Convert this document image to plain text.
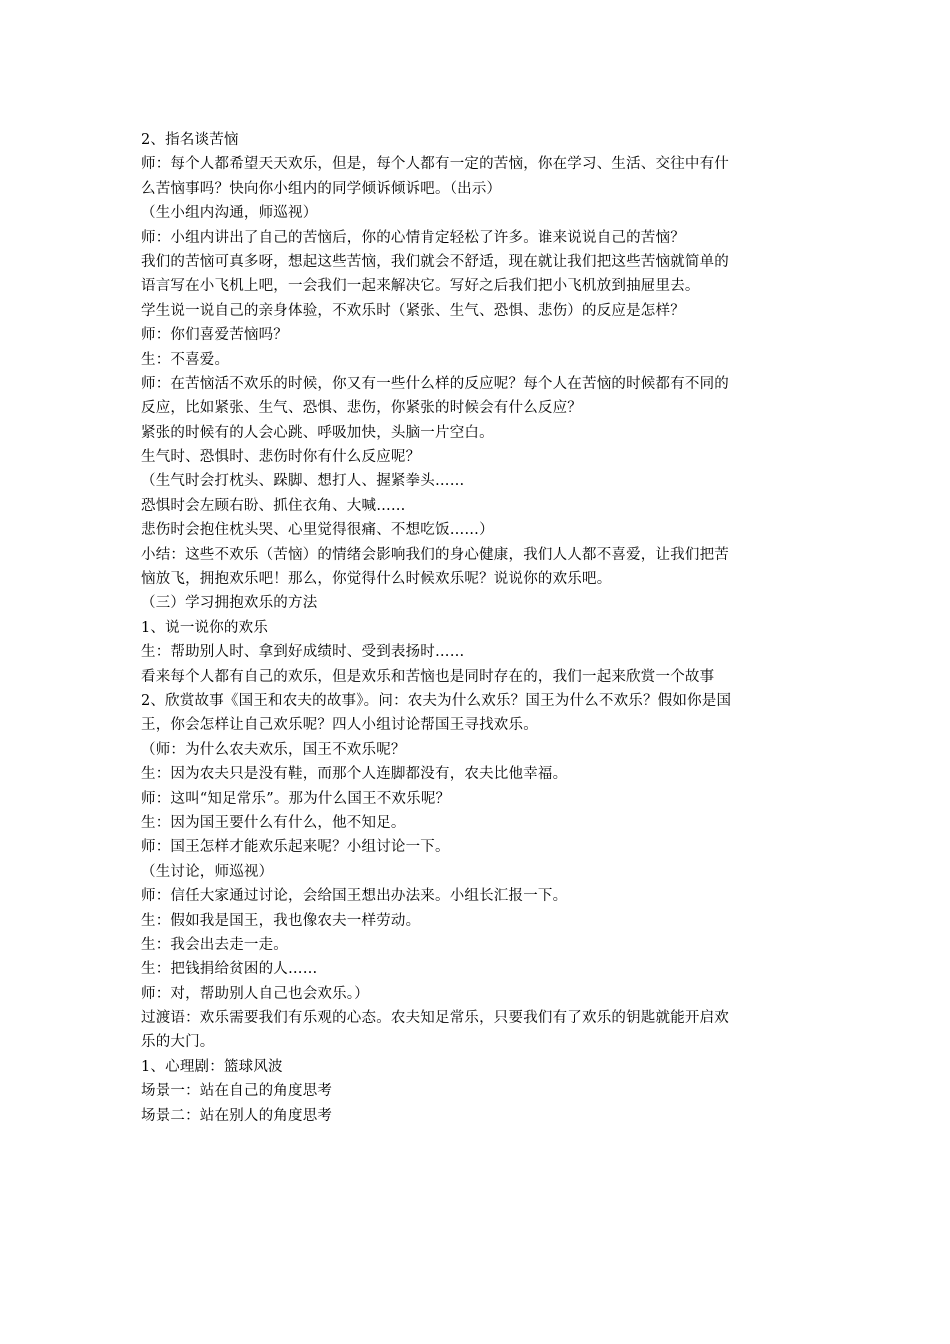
2、指名谈苦恼
师：每个人都希望天天欢乐，但是，每个人都有一定的苦恼，你在学习、生活、交往中有什
么苦恼事吗？快向你小组内的同学倾诉倾诉吧。（出示）
（生小组内沟通，师巡视）
师：小组内讲出了自己的苦恼后，你的心情肯定轻松了许多。谁来说说自己的苦恼？
我们的苦恼可真多呀，想起这些苦恼，我们就会不舒适，现在就让我们把这些苦恼就简单的
语言写在小飞机上吧，一会我们一起来解决它。写好之后我们把小飞机放到抽屉里去。
学生说一说自己的亲身体验，不欢乐时（紧张、生气、恐惧、悲伤）的反应是怎样？
师：你们喜爱苦恼吗？
生：不喜爱。
师：在苦恼活不欢乐的时候，你又有一些什么样的反应呢？每个人在苦恼的时候都有不同的
反应，比如紧张、生气、恐惧、悲伤，你紧张的时候会有什么反应？
紧张的时候有的人会心跳、呼吸加快，头脑一片空白。
生气时、恐惧时、悲伤时你有什么反应呢？
（生气时会打枕头、跺脚、想打人、握紧拳头……
恐惧时会左顾右盼、抓住衣角、大喊……
悲伤时会抱住枕头哭、心里觉得很痛、不想吃饭……）
小结：这些不欢乐（苦恼）的情绪会影响我们的身心健康，我们人人都不喜爱，让我们把苦
恼放飞，拥抱欢乐吧！那么，你觉得什么时候欢乐呢？说说你的欢乐吧。
（三）学习拥抱欢乐的方法
1、说一说你的欢乐
生：帮助别人时、拿到好成绩时、受到表扬时……
看来每个人都有自己的欢乐，但是欢乐和苦恼也是同时存在的，我们一起来欣赏一个故事
2、欣赏故事《国王和农夫的故事》。问：农夫为什么欢乐？国王为什么不欢乐？假如你是国
王，你会怎样让自己欢乐呢？四人小组讨论帮国王寻找欢乐。
（师：为什么农夫欢乐，国王不欢乐呢？
生：因为农夫只是没有鞋，而那个人连脚都没有，农夫比他幸福。
师：这叫“知足常乐”。那为什么国王不欢乐呢？
生：因为国王要什么有什么，他不知足。
师：国王怎样才能欢乐起来呢？小组讨论一下。
（生讨论，师巡视）
师：信任大家通过讨论，会给国王想出办法来。小组长汇报一下。
生：假如我是国王，我也像农夫一样劳动。
生：我会出去走一走。
生：把钱捐给贫困的人……
师：对，帮助别人自己也会欢乐。）
过渡语：欢乐需要我们有乐观的心态。农夫知足常乐，只要我们有了欢乐的钥匙就能开启欢
乐的大门。
1、心理剧：篮球风波
场景一：站在自己的角度思考
场景二：站在别人的角度思考
